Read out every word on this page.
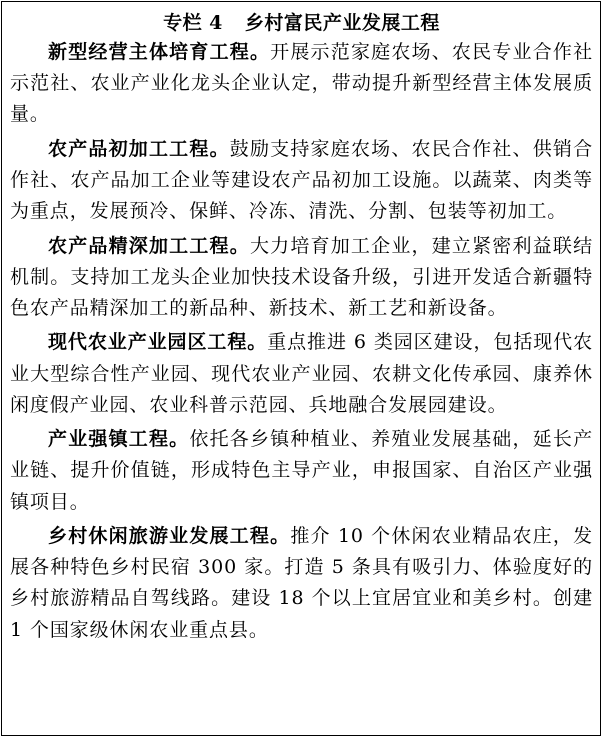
专栏 4 乡村富民产业发展工程

新型经营主体培育工程。开展示范家庭农场、农民专业合作社示范社、农业产业化龙头企业认定，带动提升新型经营主体发展质量。

农产品初加工工程。鼓励支持家庭农场、农民合作社、供销合作社、农产品加工企业等建设农产品初加工设施。以蔬菜、肉类等为重点，发展预冷、保鲜、冷冻、清洗、分割、包装等初加工。

农产品精深加工工程。大力培育加工企业，建立紧密利益联结机制。支持加工龙头企业加快技术设备升级，引进开发适合新疆特色农产品精深加工的新品种、新技术、新工艺和新设备。

现代农业产业园区工程。重点推进 6 类园区建设，包括现代农业大型综合性产业园、现代农业产业园、农耕文化传承园、康养休闲度假产业园、农业科普示范园、兵地融合发展园建设。

产业强镇工程。依托各乡镇种植业、养殖业发展基础，延长产业链、提升价值链，形成特色主导产业，申报国家、自治区产业强镇项目。

乡村休闲旅游业发展工程。推介 10 个休闲农业精品农庄，发展各种特色乡村民宿 300 家。打造 5 条具有吸引力、体验度好的乡村旅游精品自驾线路。建设 18 个以上宜居宜业和美乡村。创建 1 个国家级休闲农业重点县。
